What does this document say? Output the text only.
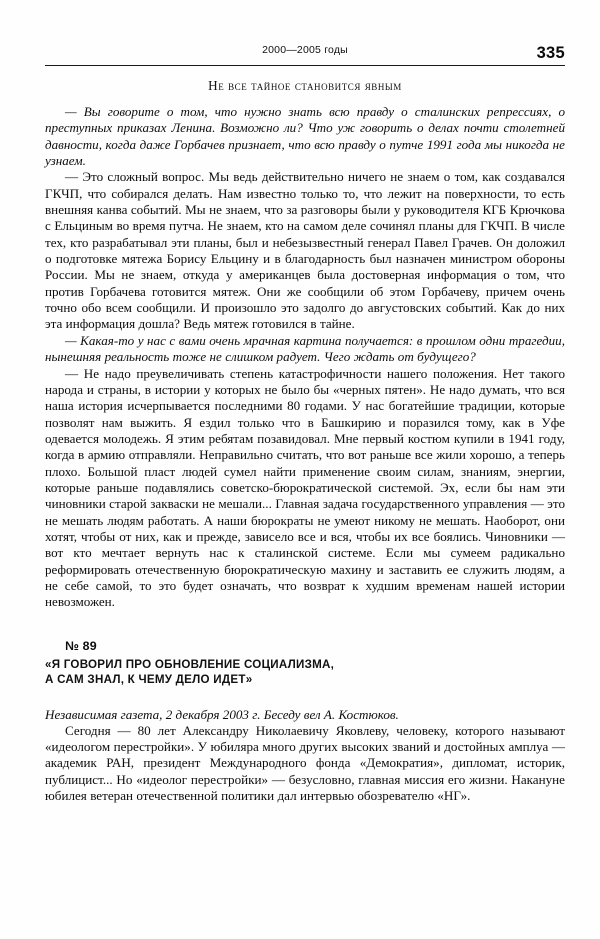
2000—2005 годы	335
Не все тайное становится явным

— Вы говорите о том, что нужно знать всю правду о сталинских репрессиях, о преступных приказах Ленина. Возможно ли? Что уж говорить о делах почти столетней давности, когда даже Горбачев признает, что всю правду о путче 1991 года мы никогда не узнаем.

— Это сложный вопрос. Мы ведь действительно ничего не знаем о том, как создавался ГКЧП, что собирался делать. Нам известно только то, что лежит на поверхности, то есть внешняя канва событий. Мы не знаем, что за разговоры были у руководителя КГБ Крючкова с Ельциным во время путча. Не знаем, кто на самом деле сочинял планы для ГКЧП. В числе тех, кто разрабатывал эти планы, был и небезызвестный генерал Павел Грачев. Он доложил о подготовке мятежа Борису Ельцину и в благодарность был назначен министром обороны России. Мы не знаем, откуда у американцев была достоверная информация о том, что против Горбачева готовится мятеж. Они же сообщили об этом Горбачеву, причем очень точно обо всем сообщили. И произошло это задолго до августовских событий. Как до них эта информация дошла? Ведь мятеж готовился в тайне.

— Какая-то у нас с вами очень мрачная картина получается: в прошлом одни трагедии, нынешняя реальность тоже не слишком радует. Чего ждать от будущего?

— Не надо преувеличивать степень катастрофичности нашего положения. Нет такого народа и страны, в истории у которых не было бы «черных пятен». Не надо думать, что вся наша история исчерпывается последними 80 годами. У нас богатейшие традиции, которые позволят нам выжить. Я ездил только что в Башкирию и поразился тому, как в Уфе одевается молодежь. Я этим ребятам позавидовал. Мне первый костюм купили в 1941 году, когда в армию отправляли. Неправильно считать, что вот раньше все жили хорошо, а теперь плохо. Большой пласт людей сумел найти применение своим силам, знаниям, энергии, которые раньше подавлялись советско-бюрократической системой. Эх, если бы нам эти чиновники старой закваски не мешали... Главная задача государственного управления — это не мешать людям работать. А наши бюрократы не умеют никому не мешать. Наоборот, они хотят, чтобы от них, как и прежде, зависело все и вся, чтобы их все боялись. Чиновники — вот кто мечтает вернуть нас к сталинской системе. Если мы сумеем радикально реформировать отечественную бюрократическую махину и заставить ее служить людям, а не себе самой, то это будет означать, что возврат к худшим временам нашей истории невозможен.

№ 89
«Я ГОВОРИЛ ПРО ОБНОВЛЕНИЕ СОЦИАЛИЗМА,
А САМ ЗНАЛ, К ЧЕМУ ДЕЛО ИДЕТ»

Независимая газета, 2 декабря 2003 г. Беседу вел А. Костюков.

Сегодня — 80 лет Александру Николаевичу Яковлеву, человеку, которого называют «идеологом перестройки». У юбиляра много других высоких званий и достойных амплуа — академик РАН, президент Международного фонда «Демократия», дипломат, историк, публицист... Но «идеолог перестройки» — безусловно, главная миссия его жизни. Накануне юбилея ветеран отечественной политики дал интервью обозревателю «НГ».
